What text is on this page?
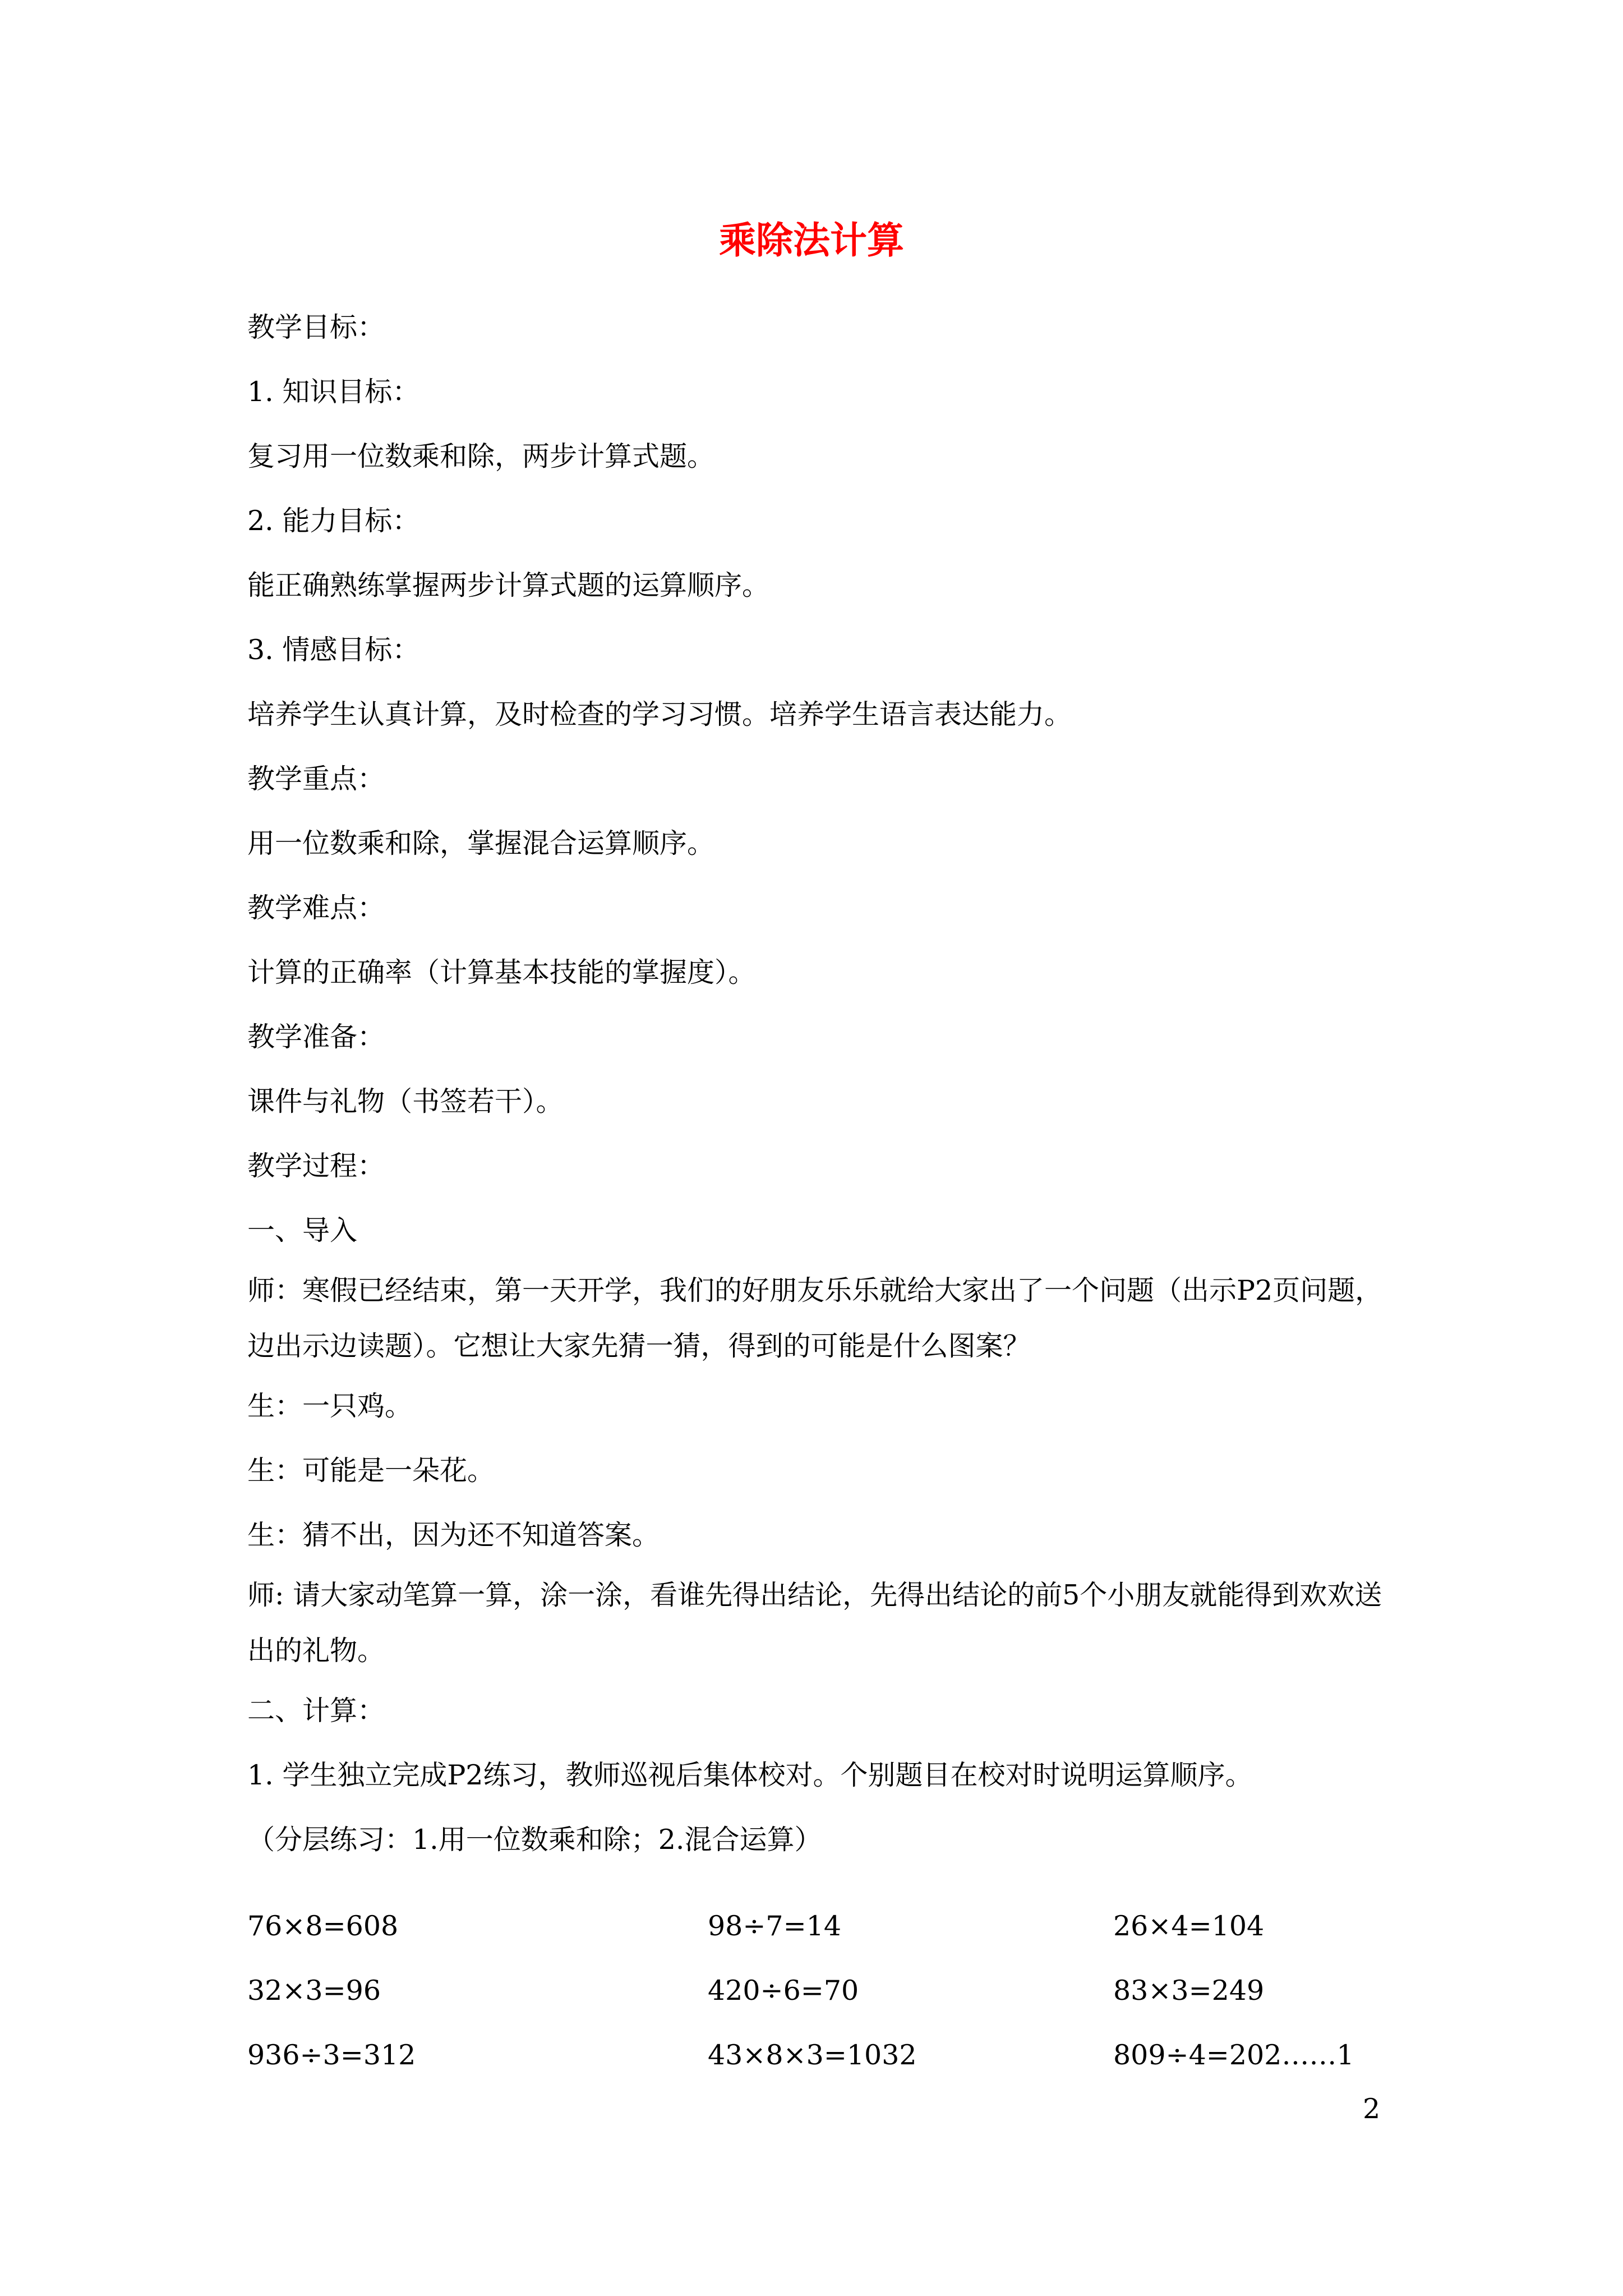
乘除法计算

教学目标：

1. 知识目标：

复习用一位数乘和除，两步计算式题。

2. 能力目标：

能正确熟练掌握两步计算式题的运算顺序。

3. 情感目标：

培养学生认真计算，及时检查的学习习惯。培养学生语言表达能力。

教学重点：

用一位数乘和除，掌握混合运算顺序。

教学难点：

计算的正确率（计算基本技能的掌握度）。

教学准备：

课件与礼物（书签若干）。

教学过程：

一、导入

师：寒假已经结束，第一天开学，我们的好朋友乐乐就给大家出了一个问题（出示P2页问题，边出示边读题）。它想让大家先猜一猜，得到的可能是什么图案？

生：一只鸡。

生：可能是一朵花。

生：猜不出，因为还不知道答案。

师: 请大家动笔算一算，涂一涂，看谁先得出结论，先得出结论的前5个小朋友就能得到欢欢送出的礼物。

二、计算：

1. 学生独立完成P2练习，教师巡视后集体校对。个别题目在校对时说明运算顺序。

（分层练习：1.用一位数乘和除；2.混合运算）

76×8=608	98÷7=14	26×4=104
32×3=96	420÷6=70	83×3=249
936÷3=312	43×8×3=1032	809÷4=202……1
2
